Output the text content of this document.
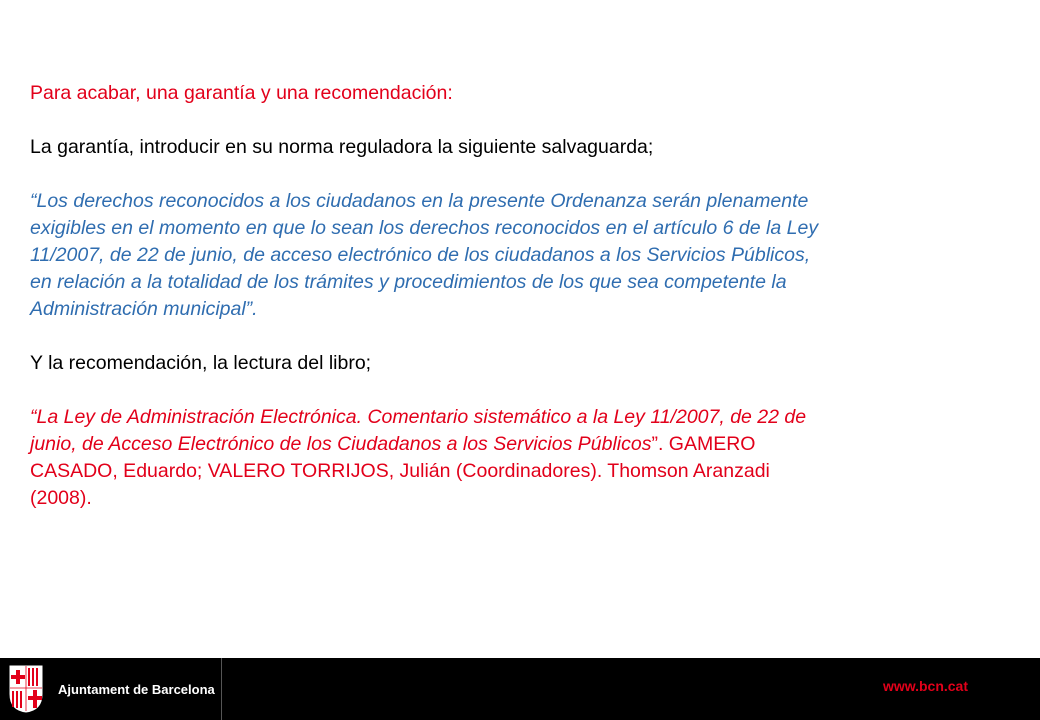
Para acabar, una garantía y una recomendación:

La garantía, introducir en su norma reguladora la siguiente salvaguarda;

“Los derechos reconocidos a los ciudadanos en la presente Ordenanza serán plenamente

exigibles en el momento en que lo sean los derechos reconocidos en el artículo 6 de la Ley

11/2007, de 22 de junio, de acceso electrónico de los ciudadanos a los Servicios Públicos,

en relación a la totalidad de los trámites y procedimientos de los que sea competente la

Administración municipal”.

Y la recomendación, la lectura del libro;

“La Ley de Administración Electrónica. Comentario sistemático a la Ley 11/2007, de 22 de

junio, de Acceso Electrónico de los Ciudadanos a los Servicios Públicos”. GAMERO

CASADO, Eduardo; VALERO TORRIJOS, Julián (Coordinadores). Thomson Aranzadi

(2008).

Ajuntament de Barcelona	www.bcn.cat
